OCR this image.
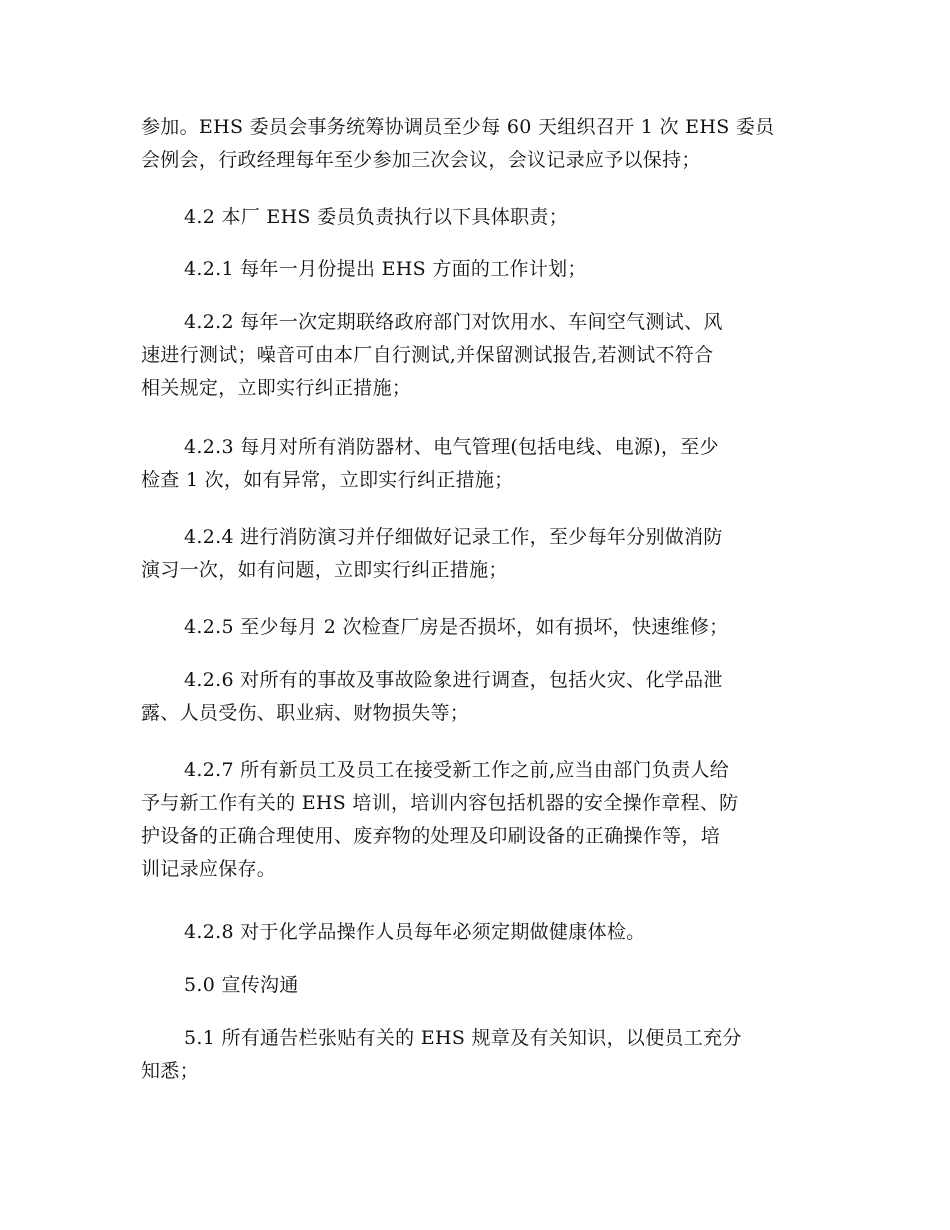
参加。EHS 委员会事务统筹协调员至少每 60 天组织召开 1 次 EHS 委员
会例会，行政经理每年至少参加三次会议，会议记录应予以保持；
4.2 本厂 EHS 委员负责执行以下具体职责；
4.2.1 每年一月份提出 EHS 方面的工作计划；
4.2.2 每年一次定期联络政府部门对饮用水、车间空气测试、风
速进行测试；噪音可由本厂自行测试,并保留测试报告,若测试不符合
相关规定，立即实行纠正措施；
4.2.3 每月对所有消防器材、电气管理(包括电线、电源)，至少
检查 1 次，如有异常，立即实行纠正措施；
4.2.4 进行消防演习并仔细做好记录工作，至少每年分别做消防
演习一次，如有问题，立即实行纠正措施；
4.2.5 至少每月 2 次检查厂房是否损坏，如有损坏，快速维修；
4.2.6 对所有的事故及事故险象进行调查，包括火灾、化学品泄
露、人员受伤、职业病、财物损失等；
4.2.7 所有新员工及员工在接受新工作之前,应当由部门负责人给
予与新工作有关的 EHS 培训，培训内容包括机器的安全操作章程、防
护设备的正确合理使用、废弃物的处理及印刷设备的正确操作等，培
训记录应保存。
4.2.8 对于化学品操作人员每年必须定期做健康体检。
5.0 宣传沟通
5.1 所有通告栏张贴有关的 EHS 规章及有关知识，以便员工充分
知悉；
